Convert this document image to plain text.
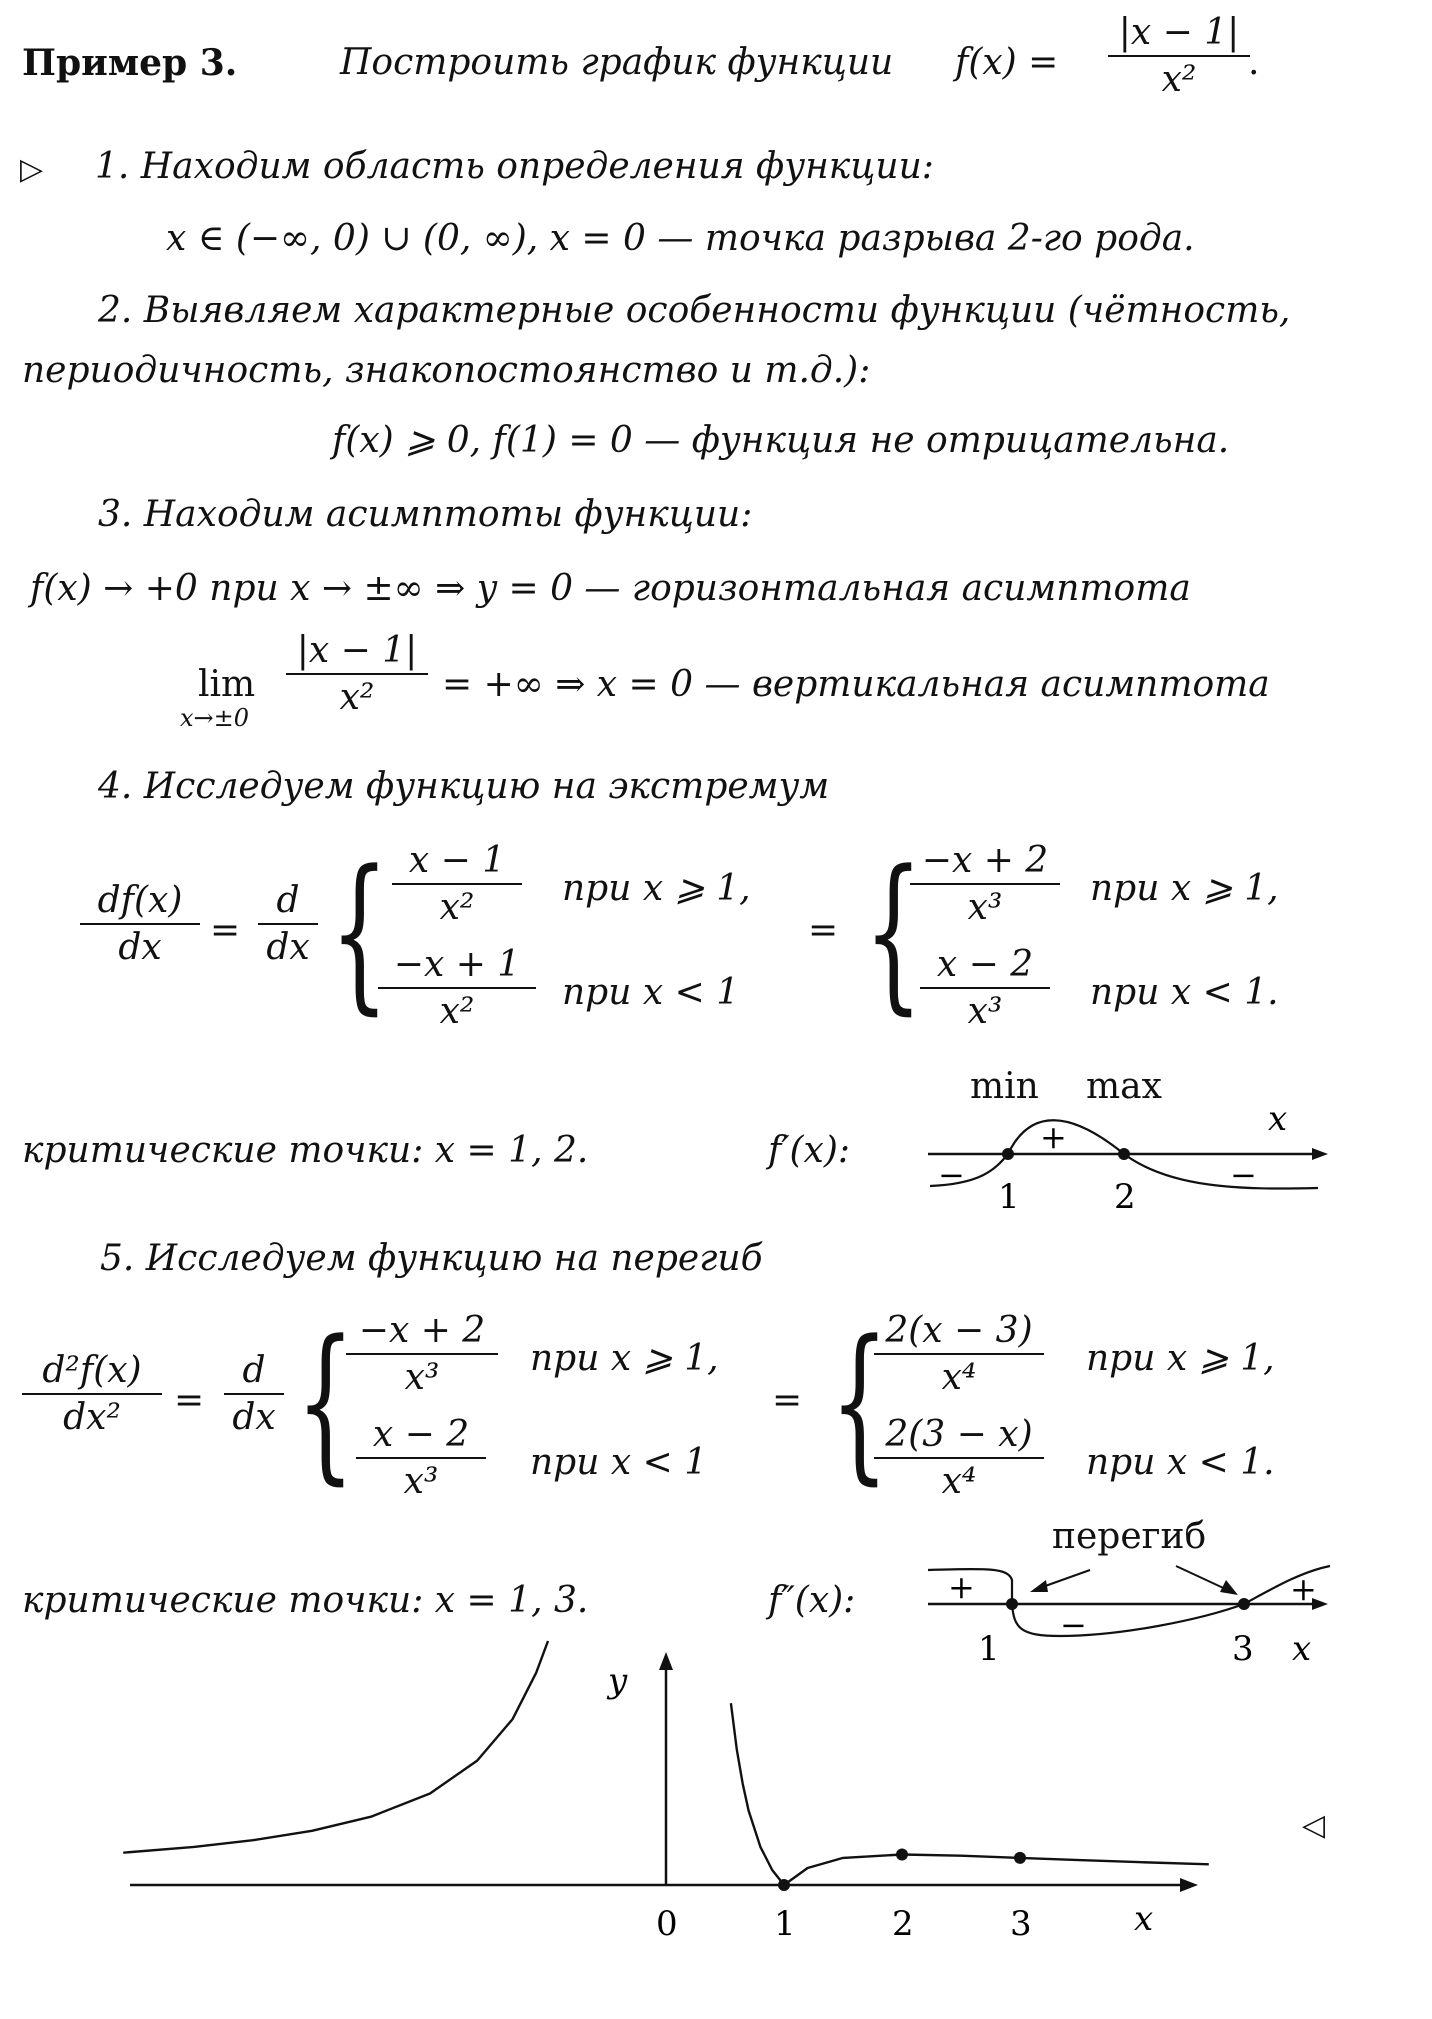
Пример 3.	Построить график функции f(x) =
|x − 1|
x²	.
▷ 1. Находим область определения функции:
x ∈ (−∞, 0) ∪ (0, ∞), x = 0 — точка разрыва 2-го рода.
2. Выявляем характерные особенности функции (чётность,
периодичность, знакопостоянство и т.д.):
f(x) ⩾ 0, f(1) = 0 — функция не отрицательна.
3. Находим асимптоты функции:
f(x) → +0 при x → ±∞ ⇒ y = 0 — горизонтальная асимптота
lim
x→±0
|x − 1|
x²	= +∞ ⇒ x = 0 — вертикальная асимптота
4. Исследуем функцию на экстремум
df(x)
dx	=
d
dx { x − 1
x²	при x ⩾ 1,
−x + 1
x²	при x < 1
= {
−x + 2
x³	при x ⩾ 1,
x − 2
x³	при x < 1.
критические точки: x = 1, 2.	f′(x):
min max
x
1	2
−
+
−
5. Исследуем функцию на перегиб
d²f(x)
dx²	=
d
dx { −x + 2
x³	при x ⩾ 1,
x − 2
x³	при x < 1
= {
2(x − 3)
x⁴	при x ⩾ 1,
2(3 − x)
x⁴	при x < 1.
критические точки: x = 1, 3.	f″(x):
перегиб
+
−
+
1	3 x
y
x
0	1	2	3
◁
